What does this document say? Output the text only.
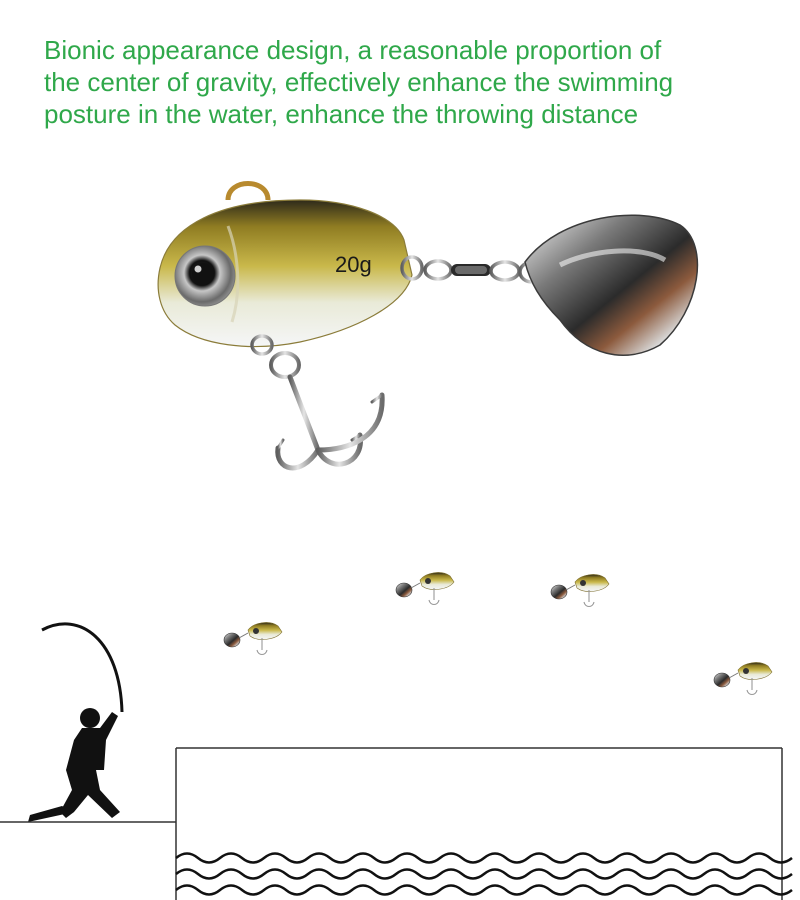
Bionic appearance design, a reasonable proportion of
the center of gravity, effectively enhance the swimming
posture in the water, enhance the throwing distance
20g
